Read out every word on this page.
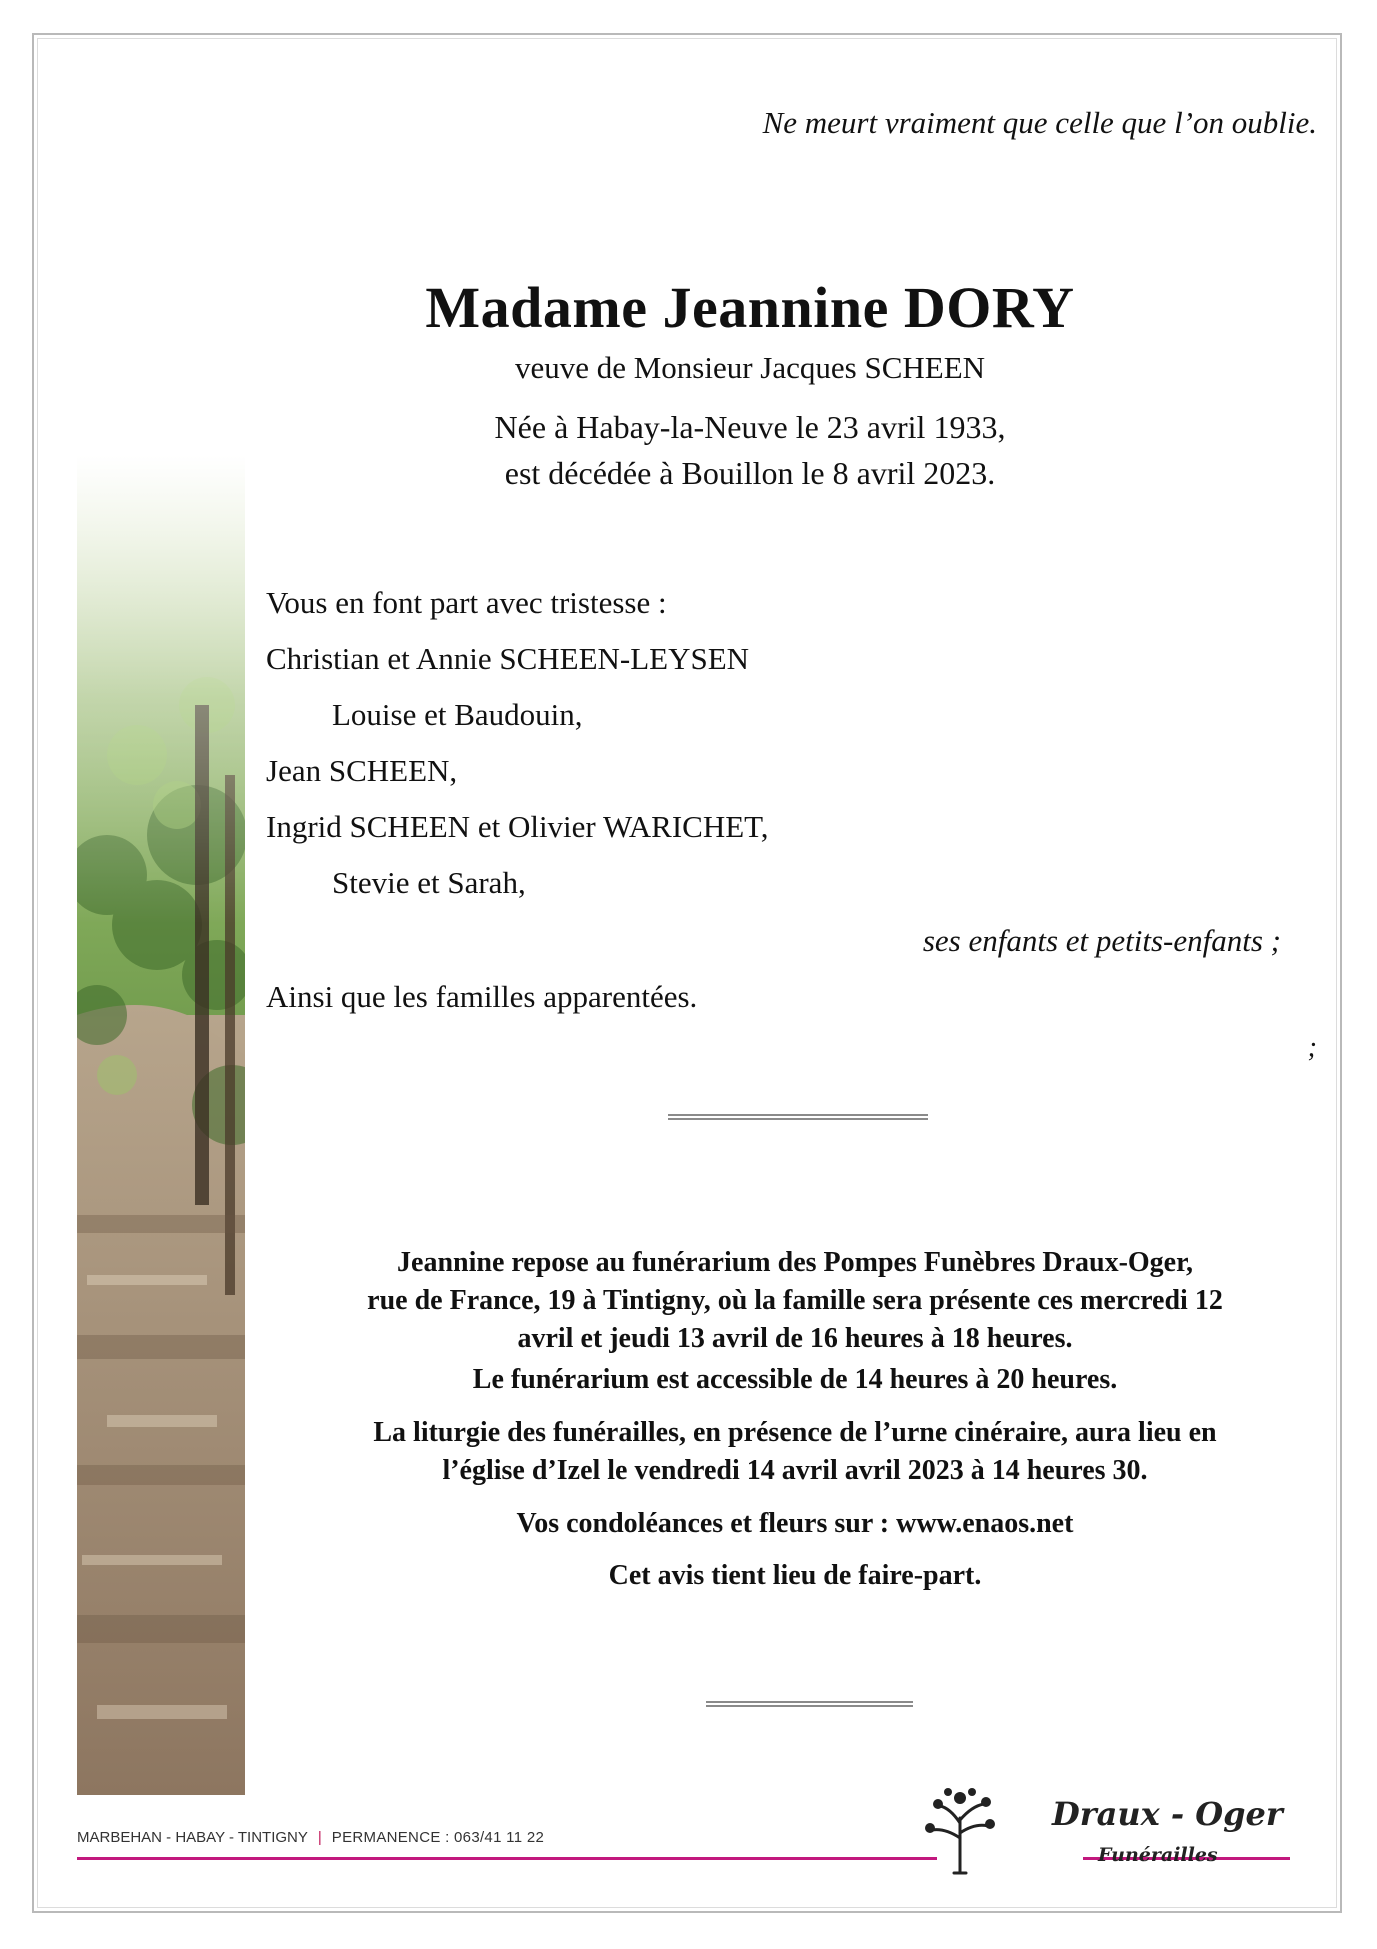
Ne meurt vraiment que celle que l’on oublie.
Madame Jeannine DORY
veuve de Monsieur Jacques SCHEEN
Née à Habay-la-Neuve le 23 avril 1933,
est décédée à Bouillon le 8 avril 2023.
Vous en font part avec tristesse :
Christian et Annie SCHEEN-LEYSEN
Louise et Baudouin,
Jean SCHEEN,
Ingrid SCHEEN et Olivier WARICHET,
Stevie et Sarah,
ses enfants et petits-enfants ;
Ainsi que les familles apparentées.
;
Jeannine repose au funérarium des Pompes Funèbres Draux-Oger,
rue de France, 19 à Tintigny, où la famille sera présente ces mercredi 12
avril et jeudi 13 avril de 16 heures à 18 heures.
Le funérarium est accessible de 14 heures à 20 heures.
La liturgie des funérailles, en présence de l’urne cinéraire, aura lieu en
l’église d’Izel le vendredi 14 avril avril 2023 à 14 heures 30.
Vos condoléances et fleurs sur : www.enaos.net
Cet avis tient lieu de faire-part.
MARBEHAN - HABAY - TINTIGNY | PERMANENCE : 063/41 11 22
Draux - Oger
Funérailles
